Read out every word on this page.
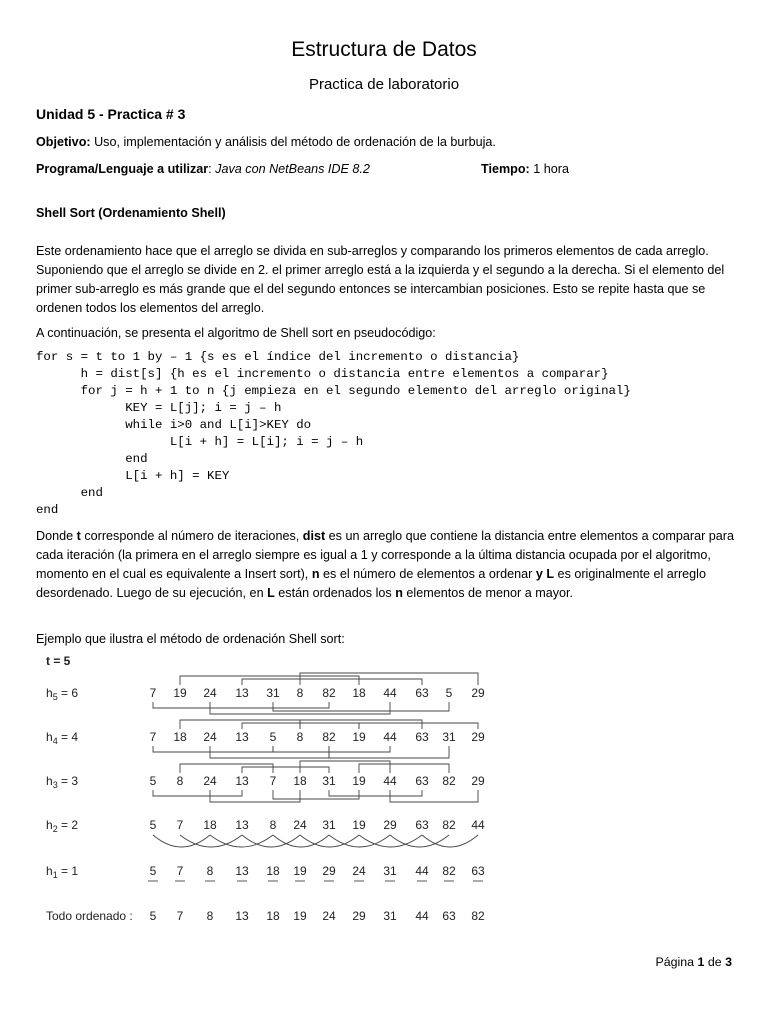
Estructura de Datos
Practica de laboratorio
Unidad 5 - Practica # 3
Objetivo: Uso, implementación y análisis del método de ordenación de la burbuja.
Programa/Lenguaje a utilizar: Java con NetBeans IDE 8.2	Tiempo: 1 hora
Shell Sort (Ordenamiento Shell)
Este ordenamiento hace que el arreglo se divida en sub-arreglos y comparando los primeros elementos de cada arreglo. Suponiendo que el arreglo se divide en 2. el primer arreglo está a la izquierda y el segundo a la derecha. Si el elemento del primer sub-arreglo es más grande que el del segundo entonces se intercambian posiciones. Esto se repite hasta que se ordenen todos los elementos del arreglo.
A continuación, se presenta el algoritmo de Shell sort en pseudocódigo:
for s = t to 1 by – 1 {s es el índice del incremento o distancia}
h = dist[s] {h es el incremento o distancia entre elementos a comparar}
for j = h + 1 to n {j empieza en el segundo elemento del arreglo original}
KEY = L[j]; i = j – h
while i>0 and L[i]>KEY do
L[i + h] = L[i]; i = j – h
end
L[i + h] = KEY
end
end
Donde t corresponde al número de iteraciones, dist es un arreglo que contiene la distancia entre elementos a comparar para cada iteración (la primera en el arreglo siempre es igual a 1 y corresponde a la última distancia ocupada por el algoritmo, momento en el cual es equivalente a Insert sort), n es el número de elementos a ordenar y L es originalmente el arreglo desordenado. Luego de su ejecución, en L están ordenados los n elementos de menor a mayor.
Ejemplo que ilustra el método de ordenación Shell sort:
t = 5
$h_5 = 6$	7 19 24 13 31 8 82 18 44 63 5 29
$h_4 = 4$	7 18 24 13 5 8 82 19 44 63 31 29
$h_3 = 3$	5 8 24 13 7 18 31 19 44 63 82 29
$h_2 = 2$	5 7 18 13 8 24 31 19 29 63 82 44
$h_1 = 1$	5 7 8 13 18 19 29 24 31 44 82 63
Todo ordenado : 5 7 8 13 18 19 24 29 31 44 63 82
Página 1 de 3
